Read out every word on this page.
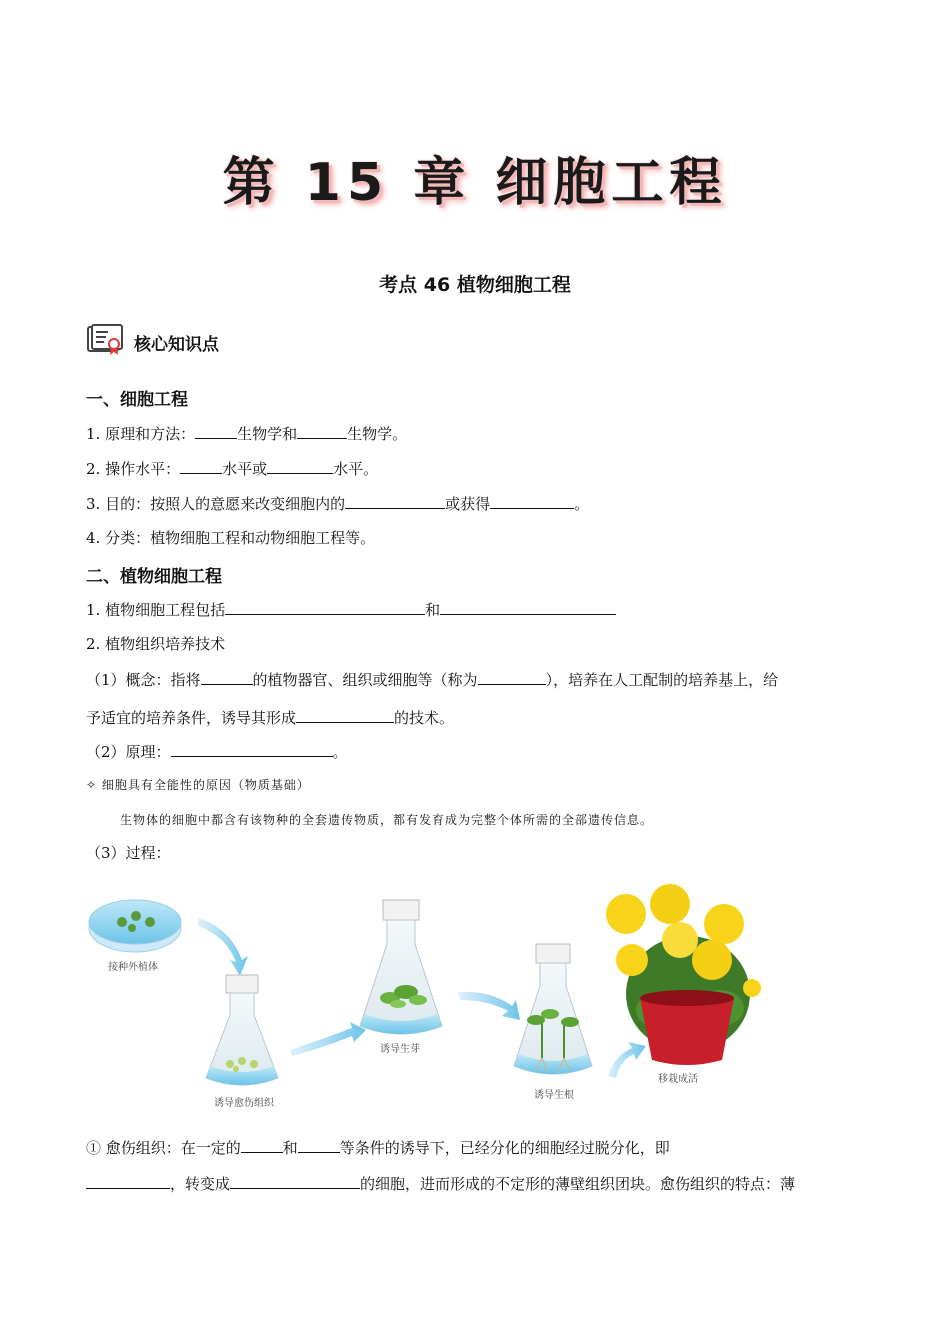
第 15 章 细胞工程
考点 46 植物细胞工程
核心知识点
一、细胞工程
1. 原理和方法：	生物学和	生物学。
2. 操作水平：	水平或	水平。
3. 目的：按照人的意愿来改变细胞内的	或获得	。
4. 分类：植物细胞工程和动物细胞工程等。
二、植物细胞工程
1. 植物细胞工程包括	和
2. 植物组织培养技术
（1）概念：指将	的植物器官、组织或细胞等（称为	），培养在人工配制的培养基上，给
予适宜的培养条件，诱导其形成	的技术。
（2）原理：	。
✧ 细胞具有全能性的原因（物质基础）
生物体的细胞中都含有该物种的全套遗传物质，都有发育成为完整个体所需的全部遗传信息。
（3）过程：
接种外植体
诱导愈伤组织
诱导生芽
诱导生根
移栽成活
① 愈伤组织：在一定的	和	等条件的诱导下，已经分化的细胞经过脱分化，即
，转变成	的细胞，进而形成的不定形的薄壁组织团块。愈伤组织的特点：薄
